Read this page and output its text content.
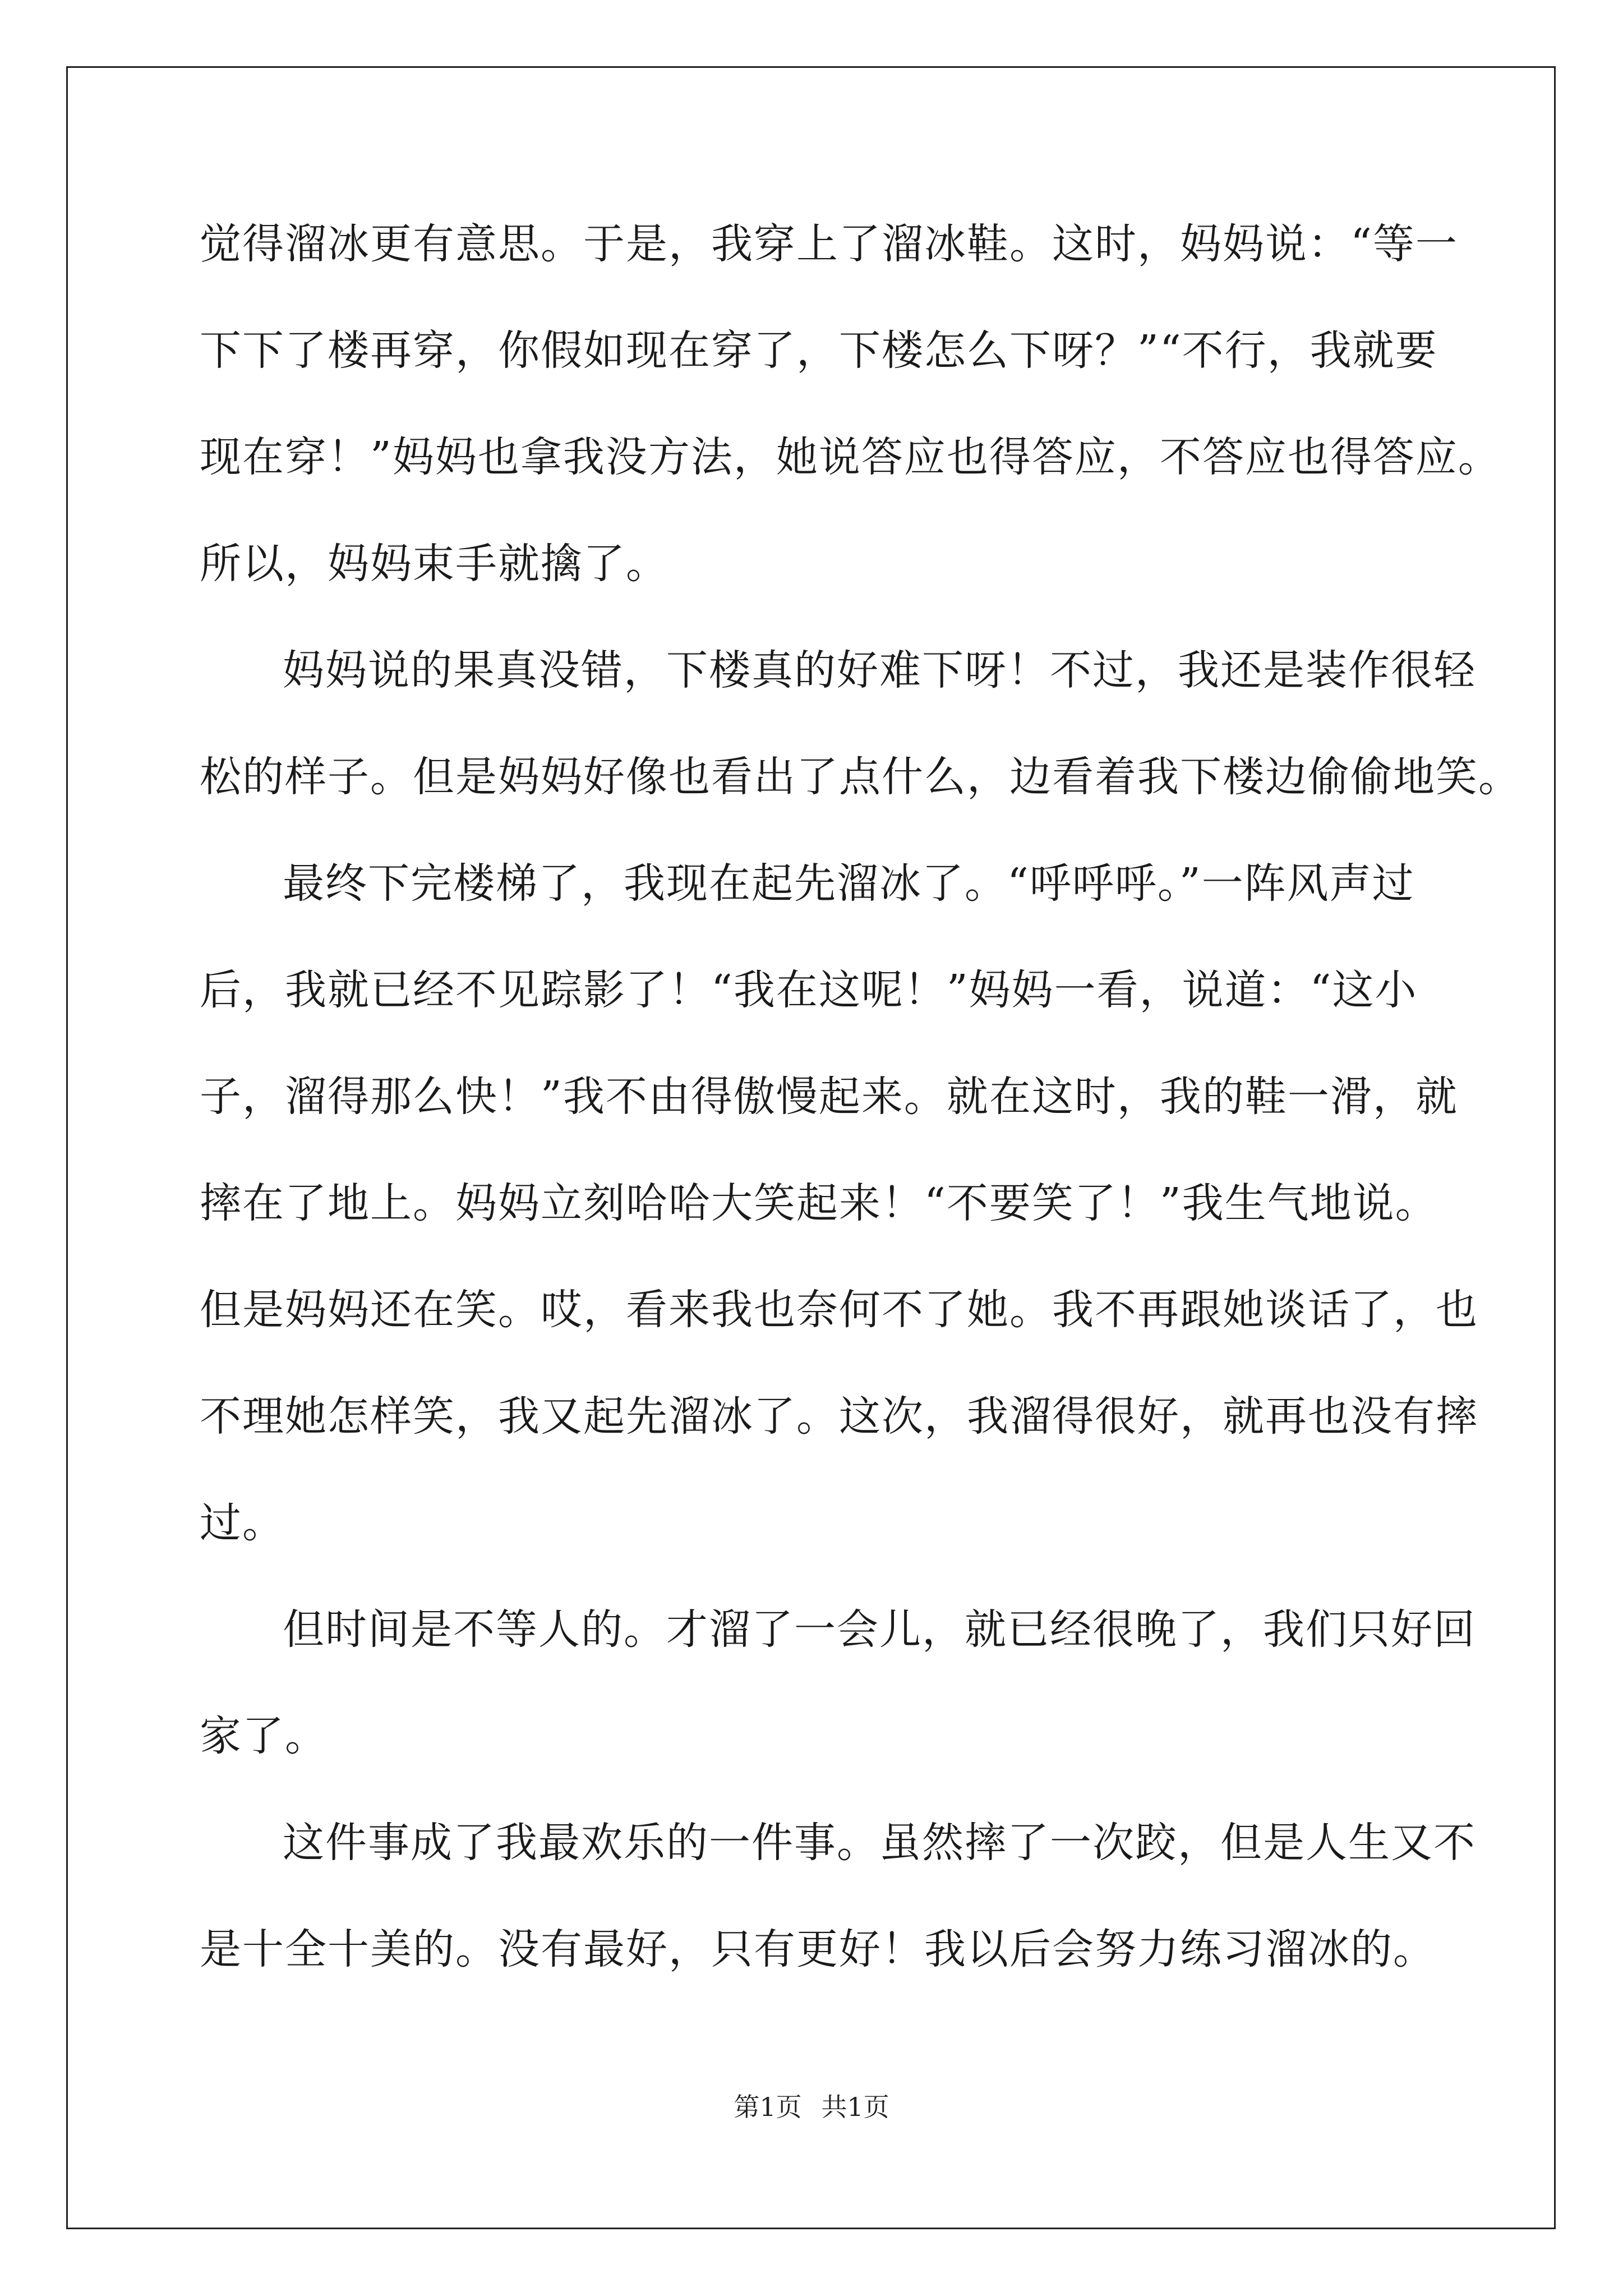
觉得溜冰更有意思。于是，我穿上了溜冰鞋。这时，妈妈说：“等一
下下了楼再穿，你假如现在穿了，下楼怎么下呀？”“不行，我就要
现在穿！”妈妈也拿我没方法，她说答应也得答应，不答应也得答应。
所以，妈妈束手就擒了。
妈妈说的果真没错，下楼真的好难下呀！不过，我还是装作很轻
松的样子。但是妈妈好像也看出了点什么，边看着我下楼边偷偷地笑。
最终下完楼梯了，我现在起先溜冰了。“呼呼呼。”一阵风声过
后，我就已经不见踪影了！“我在这呢！”妈妈一看，说道：“这小
子，溜得那么快！”我不由得傲慢起来。就在这时，我的鞋一滑，就
摔在了地上。妈妈立刻哈哈大笑起来！“不要笑了！”我生气地说。
但是妈妈还在笑。哎，看来我也奈何不了她。我不再跟她谈话了，也
不理她怎样笑，我又起先溜冰了。这次，我溜得很好，就再也没有摔
过。
但时间是不等人的。才溜了一会儿，就已经很晚了，我们只好回
家了。
这件事成了我最欢乐的一件事。虽然摔了一次跤，但是人生又不
是十全十美的。没有最好，只有更好！我以后会努力练习溜冰的。
第1页 共1页
